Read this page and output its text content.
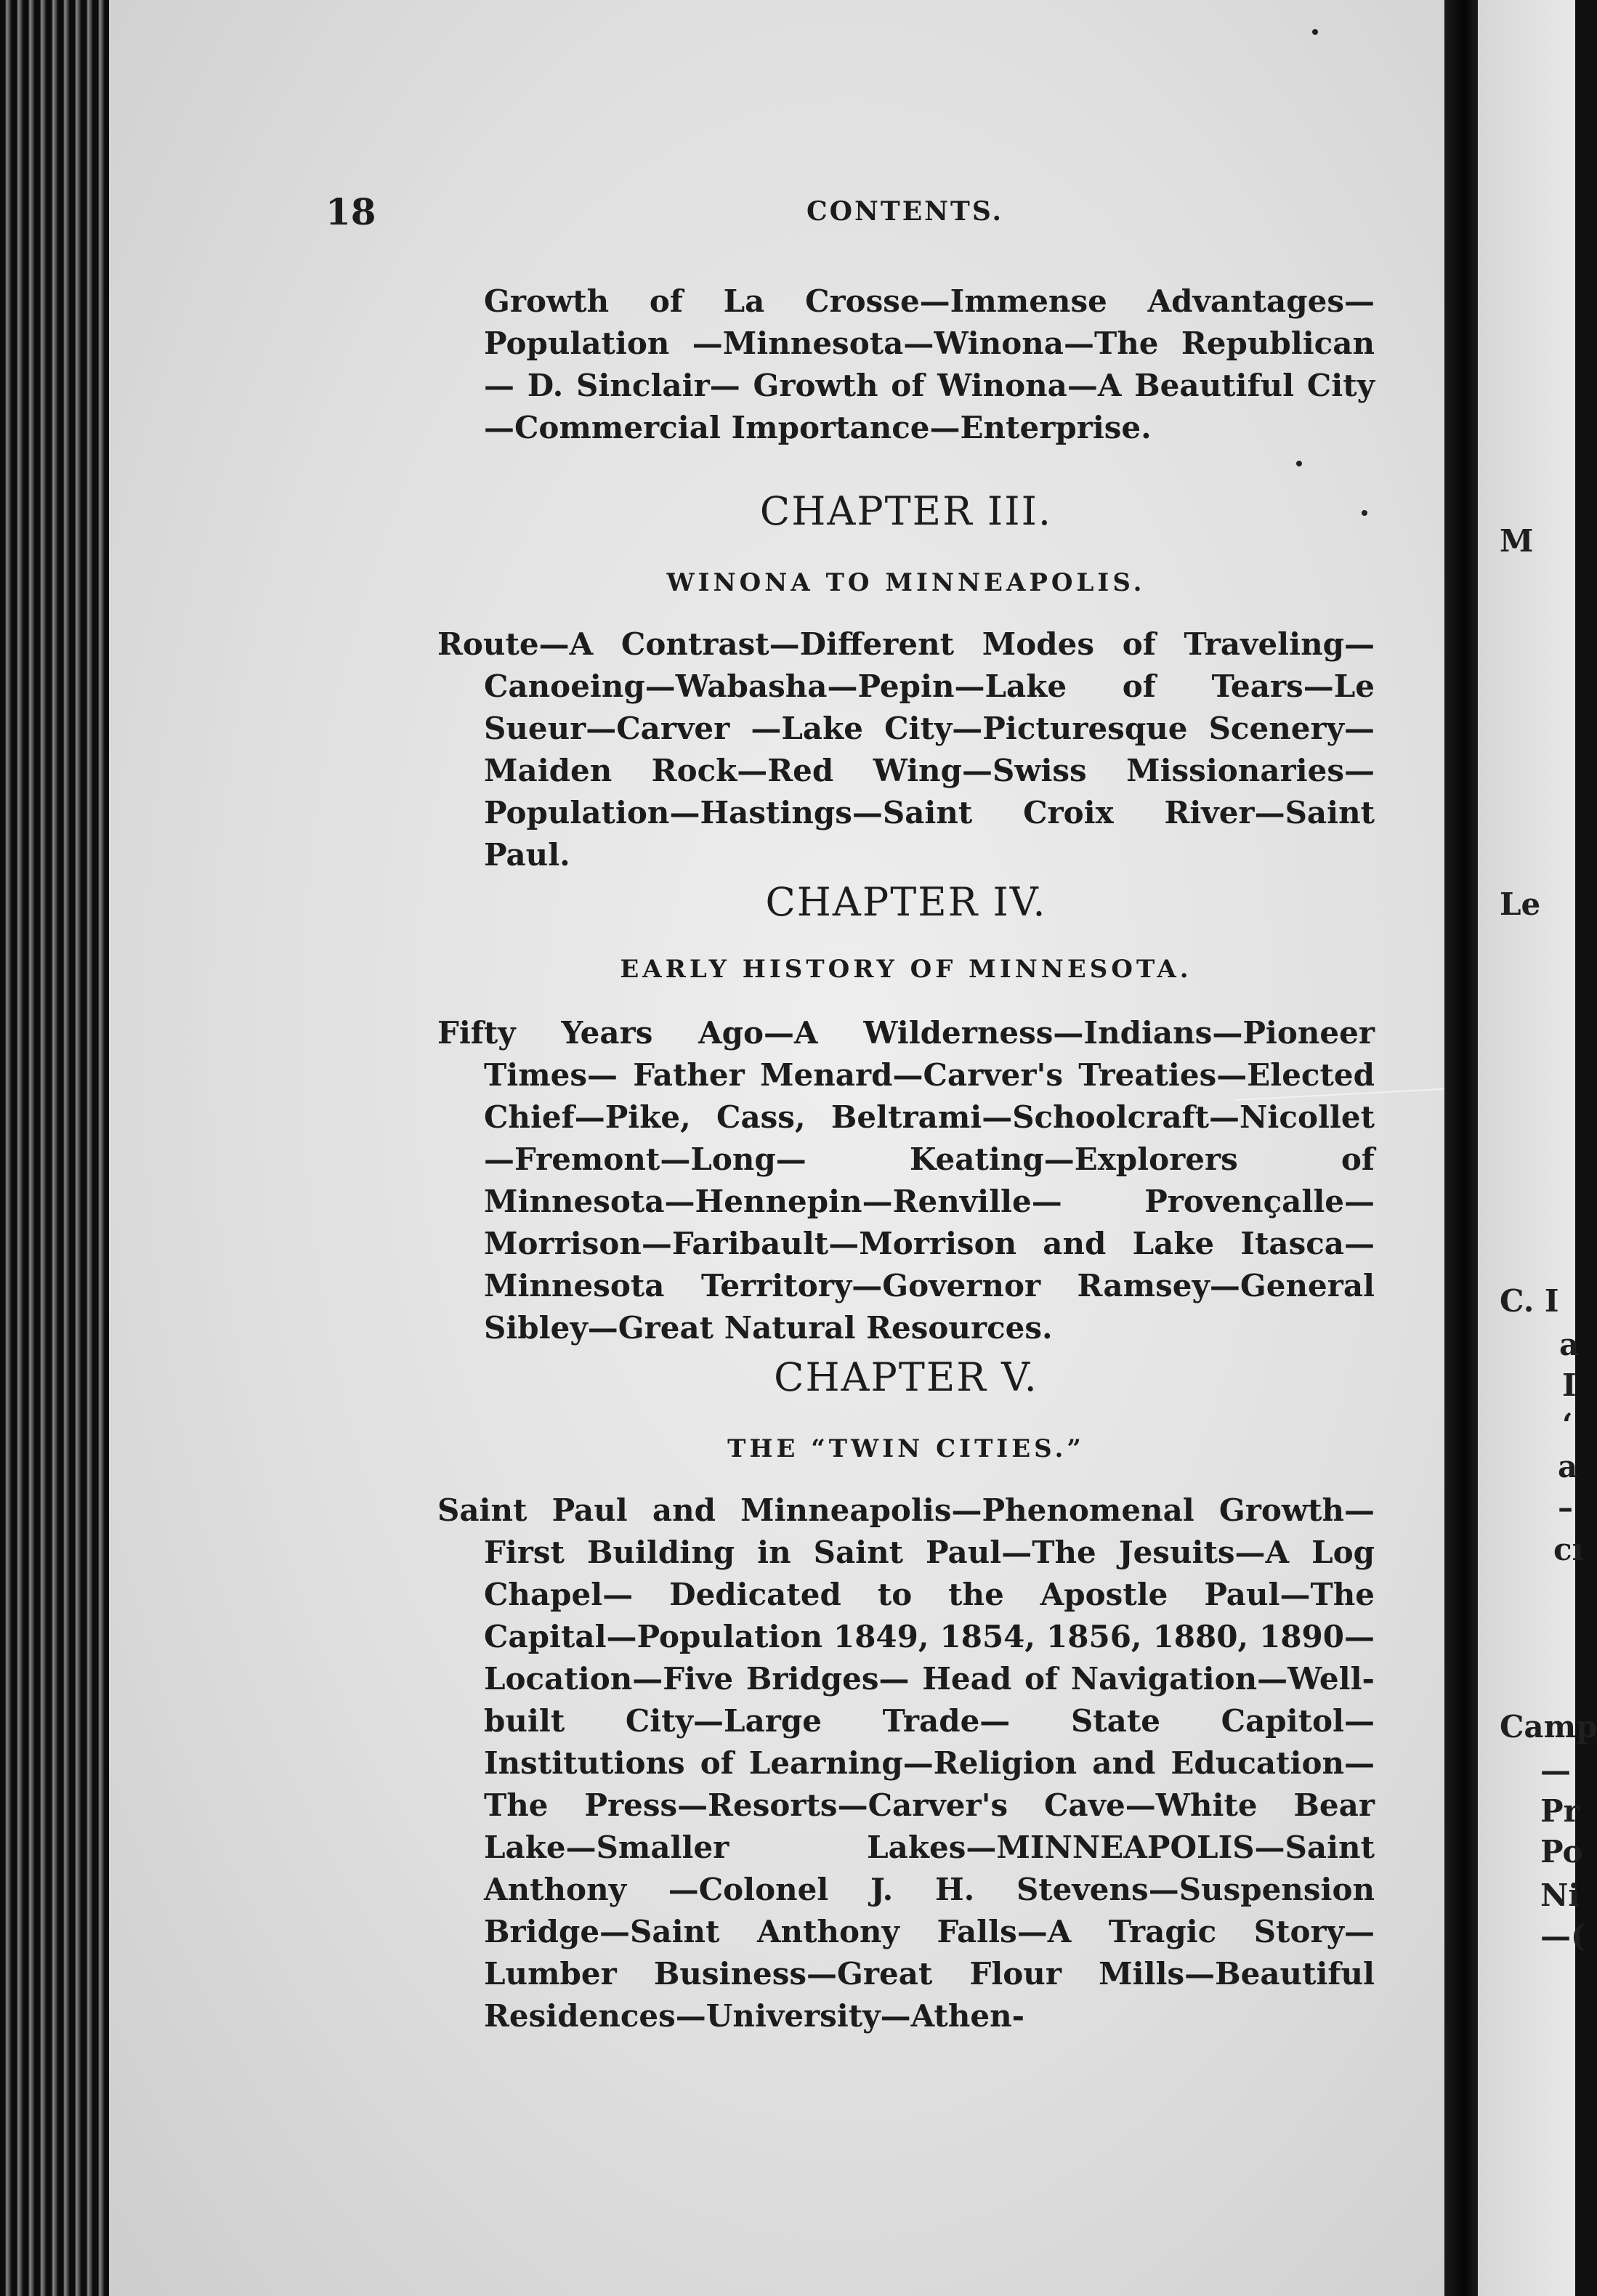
18	CONTENTS.
Growth of La Crosse—Immense Advantages—Population —Minnesota—Winona—The Republican — D. Sinclair— Growth of Winona—A Beautiful City—Commercial Importance—Enterprise.
CHAPTER III.
WINONA TO MINNEAPOLIS.
Route—A Contrast—Different Modes of Traveling—Canoeing—Wabasha—Pepin—Lake of Tears—Le Sueur—Carver —Lake City—Picturesque Scenery—Maiden Rock—Red Wing—Swiss Missionaries—Population—Hastings—Saint Croix River—Saint Paul.
CHAPTER IV.
EARLY HISTORY OF MINNESOTA.
Fifty Years Ago—A Wilderness—Indians—Pioneer Times— Father Menard—Carver's Treaties—Elected Chief—Pike, Cass, Beltrami—Schoolcraft—Nicollet—Fremont—Long— Keating—Explorers of Minnesota—Hennepin—Renville— Provençalle—Morrison—Faribault—Morrison and Lake Itasca—Minnesota Territory—Governor Ramsey—General Sibley—Great Natural Resources.
CHAPTER V.
THE “TWIN CITIES.”
Saint Paul and Minneapolis—Phenomenal Growth—First Building in Saint Paul—The Jesuits—A Log Chapel— Dedicated to the Apostle Paul—The Capital—Population 1849, 1854, 1856, 1880, 1890—Location—Five Bridges— Head of Navigation—Well-built City—Large Trade— State Capitol—Institutions of Learning—Religion and Education—The Press—Resorts—Carver's Cave—White Bear Lake—Smaller Lakes—MINNEAPOLIS—Saint Anthony —Colonel J. H. Stevens—Suspension Bridge—Saint Anthony Falls—A Tragic Story—Lumber Business—Great Flour Mills—Beautiful Residences—University—Athen-
M
Le
C. I
a
I
‘
a
–
cı
Camp
—
Pr
Po
Ni
—(
